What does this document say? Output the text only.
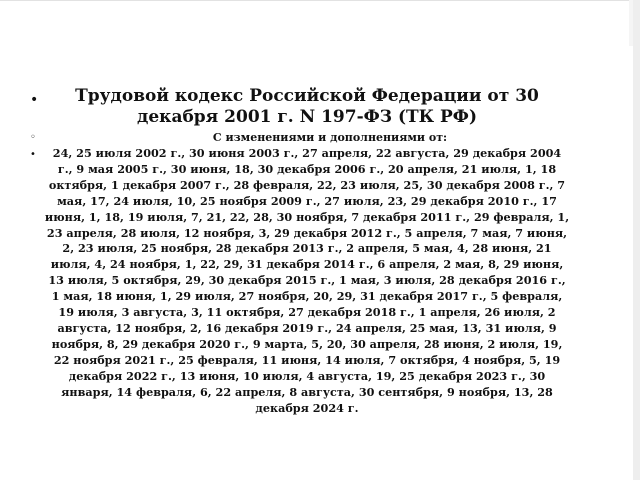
• Трудовой кодекс Российской Федерации от 30 декабря 2001 г. N 197-ФЗ (ТК РФ)
◦	С изменениями и дополнениями от:
• 24, 25 июля 2002 г., 30 июня 2003 г., 27 апреля, 22 августа, 29 декабря 2004 г., 9 мая 2005 г., 30 июня, 18, 30 декабря 2006 г., 20 апреля, 21 июля, 1, 18 октября, 1 декабря 2007 г., 28 февраля, 22, 23 июля, 25, 30 декабря 2008 г., 7 мая, 17, 24 июля, 10, 25 ноября 2009 г., 27 июля, 23, 29 декабря 2010 г., 17 июня, 1, 18, 19 июля, 7, 21, 22, 28, 30 ноября, 7 декабря 2011 г., 29 февраля, 1, 23 апреля, 28 июля, 12 ноября, 3, 29 декабря 2012 г., 5 апреля, 7 мая, 7 июня, 2, 23 июля, 25 ноября, 28 декабря 2013 г., 2 апреля, 5 мая, 4, 28 июня, 21 июля, 4, 24 ноября, 1, 22, 29, 31 декабря 2014 г., 6 апреля, 2 мая, 8, 29 июня, 13 июля, 5 октября, 29, 30 декабря 2015 г., 1 мая, 3 июля, 28 декабря 2016 г., 1 мая, 18 июня, 1, 29 июля, 27 ноября, 20, 29, 31 декабря 2017 г., 5 февраля, 19 июля, 3 августа, 3, 11 октября, 27 декабря 2018 г., 1 апреля, 26 июля, 2 августа, 12 ноября, 2, 16 декабря 2019 г., 24 апреля, 25 мая, 13, 31 июля, 9 ноября, 8, 29 декабря 2020 г., 9 марта, 5, 20, 30 апреля, 28 июня, 2 июля, 19, 22 ноября 2021 г., 25 февраля, 11 июня, 14 июля, 7 октября, 4 ноября, 5, 19 декабря 2022 г., 13 июня, 10 июля, 4 августа, 19, 25 декабря 2023 г., 30 января, 14 февраля, 6, 22 апреля, 8 августа, 30 сентября, 9 ноября, 13, 28 декабря 2024 г.
